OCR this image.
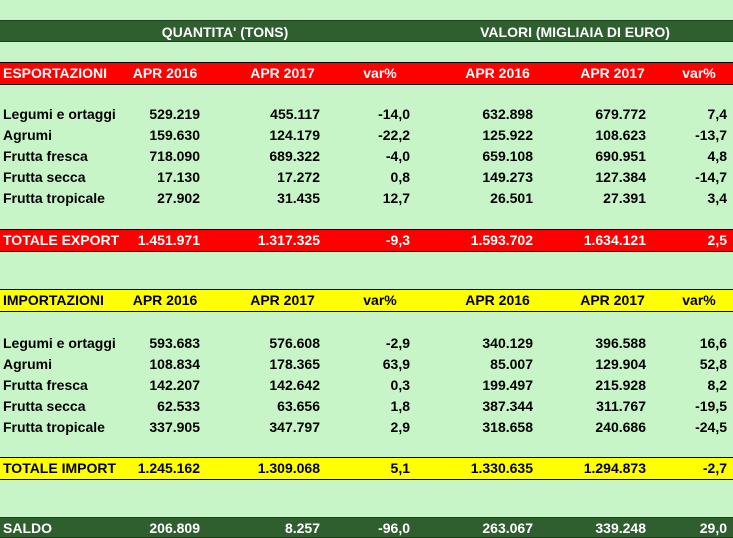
QUANTITA' (TONS)	VALORI (MIGLIAIA DI EURO)
ESPORTAZIONI	APR 2016	APR 2017	var%	APR 2016	APR 2017	var%
Legumi e ortaggi	529.219	455.117	-14,0	632.898	679.772	7,4
Agrumi	159.630	124.179	-22,2	125.922	108.623	-13,7
Frutta fresca	718.090	689.322	-4,0	659.108	690.951	4,8
Frutta secca	17.130	17.272	0,8	149.273	127.384	-14,7
Frutta tropicale	27.902	31.435	12,7	26.501	27.391	3,4
TOTALE EXPORT	1.451.971	1.317.325	-9,3	1.593.702	1.634.121	2,5
IMPORTAZIONI	APR 2016	APR 2017	var%	APR 2016	APR 2017	var%
Legumi e ortaggi	593.683	576.608	-2,9	340.129	396.588	16,6
Agrumi	108.834	178.365	63,9	85.007	129.904	52,8
Frutta fresca	142.207	142.642	0,3	199.497	215.928	8,2
Frutta secca	62.533	63.656	1,8	387.344	311.767	-19,5
Frutta tropicale	337.905	347.797	2,9	318.658	240.686	-24,5
TOTALE IMPORT	1.245.162	1.309.068	5,1	1.330.635	1.294.873	-2,7
SALDO	206.809	8.257	-96,0	263.067	339.248	29,0
